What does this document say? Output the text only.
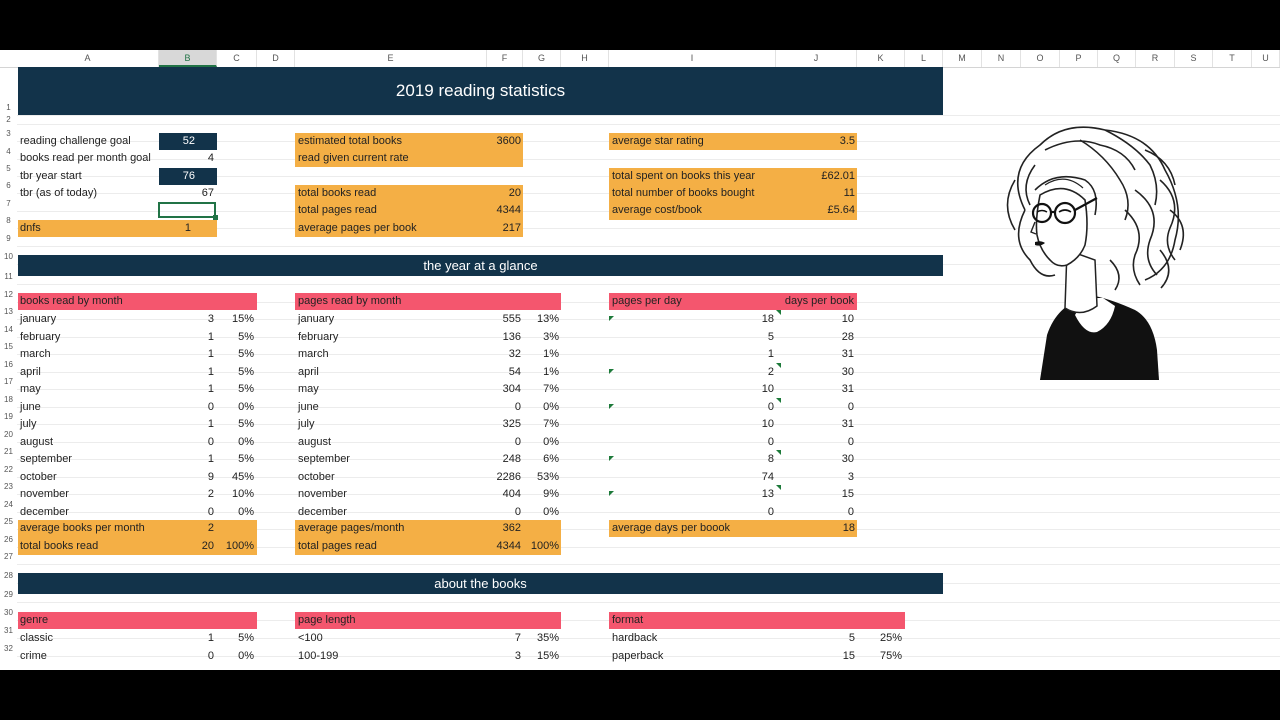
A	B	C	D	E	F	G	H	I	J	K	L	M	N	O	P	Q	R	S	T	U
1
2
3
4
5
6
7
8
9
10
11
12
13
14
15
16
17
18
19
20
21
22
23
24
25
26
27
28
29
30
31
32
2019 reading statistics
reading challenge goal	52
books read per month goal	4
tbr year start	76
tbr (as of today)	67
dnfs	1
estimated total books	3600
read given current rate
total books read	20
total pages read	4344
average pages per book	217
average star rating	3.5
total spent on books this year	£62.01
total number of books bought	11
average cost/book	£5.64
the year at a glance
books read by month
january	3	15%
february	1	5%
march	1	5%
april	1	5%
may	1	5%
june	0	0%
july	1	5%
august	0	0%
september	1	5%
october	9	45%
november	2	10%
december	0	0%
average books per month	2
total books read	20	100%
pages read by month
january	555	13%
february	136	3%
march	32	1%
april	54	1%
may	304	7%
june	0	0%
july	325	7%
august	0	0%
september	248	6%
october	2286	53%
november	404	9%
december	0	0%
average pages/month	362
total pages read	4344 100%
pages per day	days per book
18	10
5	28
1	31
2	30
10	31
0	0
10	31
0	0
8	30
74	3
13	15
0	0
average days per boook	18
about the books
genre
classic	1	5%
crime	0	0%
page length
<100	7	35%
100-199	3	15%
format
hardback	5	25%
paperback	15	75%
